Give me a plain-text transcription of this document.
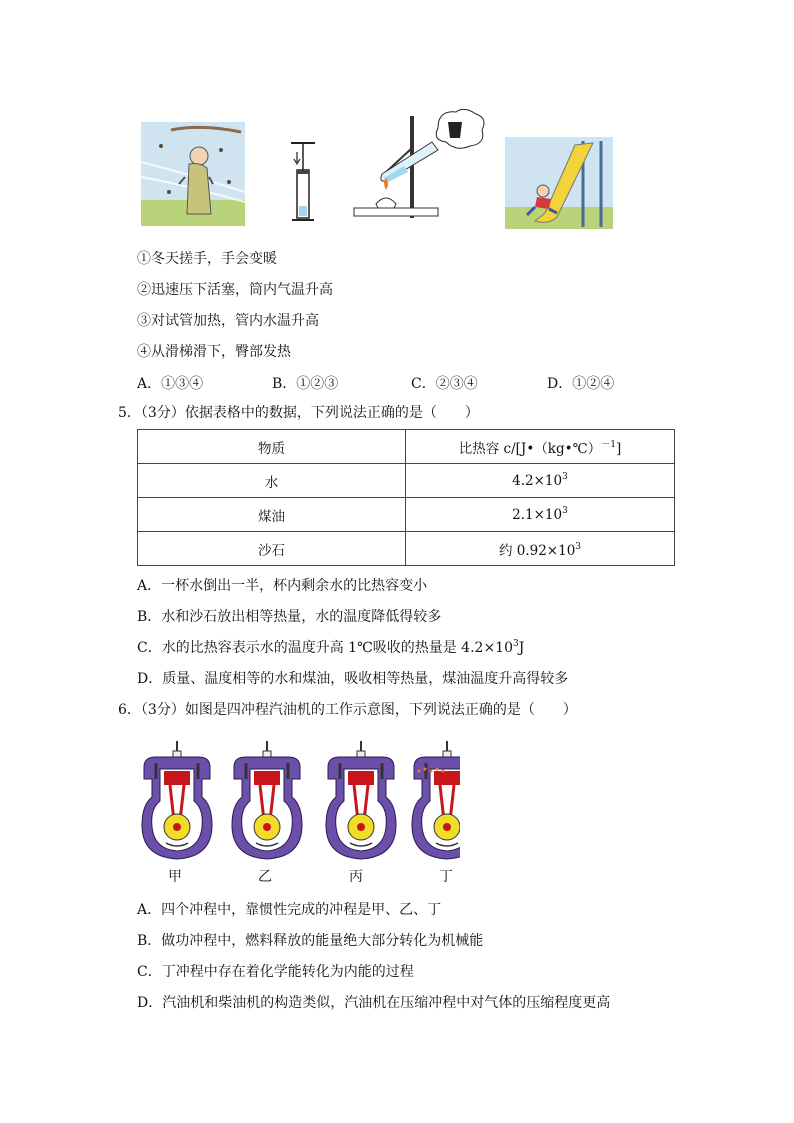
①冬天搓手，手会变暖
②迅速压下活塞，筒内气温升高
③对试管加热，管内水温升高
④从滑梯滑下，臀部发热
A．①③④	B．①②③	C．②③④	D．①②④
5．（3分）依据表格中的数据，下列说法正确的是（　　）
物质	比热容 c/[J•（kg•℃）$^{-1}$]
水	$4.2\times 10^3$
煤油	$2.1\times 10^3$
沙石	约 $0.92\times 10^3$
A．一杯水倒出一半，杯内剩余水的比热容变小
B．水和沙石放出相等热量，水的温度降低得较多
C．水的比热容表示水的温度升高 1℃吸收的热量是 $4.2\times 10^3J$
D．质量、温度相等的水和煤油，吸收相等热量，煤油温度升高得较多
6．（3分）如图是四冲程汽油机的工作示意图，下列说法正确的是（　　）
甲	乙	丙	丁
A．四个冲程中，靠惯性完成的冲程是甲、乙、丁
B．做功冲程中，燃料释放的能量绝大部分转化为机械能
C．丁冲程中存在着化学能转化为内能的过程
D．汽油机和柴油机的构造类似，汽油机在压缩冲程中对气体的压缩程度更高
